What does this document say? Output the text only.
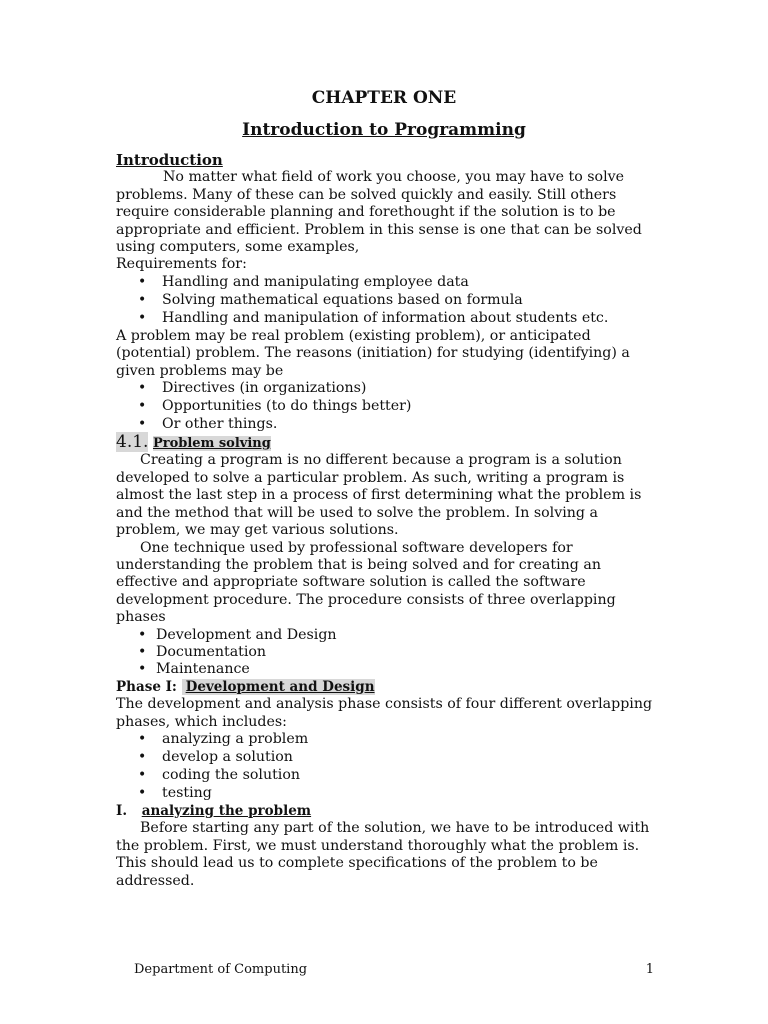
CHAPTER ONE
Introduction to Programming

Introduction

No matter what field of work you choose, you may have to solve problems. Many of these can be solved quickly and easily. Still others require considerable planning and forethought if the solution is to be appropriate and efficient. Problem in this sense is one that can be solved using computers, some examples,

Requirements for:

• Handling and manipulating employee data
• Solving mathematical equations based on formula
• Handling and manipulation of information about students etc.

A problem may be real problem (existing problem), or anticipated (potential) problem. The reasons (initiation) for studying (identifying) a given problems may be

• Directives (in organizations)
• Opportunities (to do things better)
• Or other things.

4.1. Problem solving

Creating a program is no different because a program is a solution developed to solve a particular problem. As such, writing a program is almost the last step in a process of first determining what the problem is and the method that will be used to solve the problem. In solving a problem, we may get various solutions.

One technique used by professional software developers for understanding the problem that is being solved and for creating an effective and appropriate software solution is called the software development procedure. The procedure consists of three overlapping phases

• Development and Design
• Documentation
• Maintenance

Phase I: Development and Design

The development and analysis phase consists of four different overlapping phases, which includes:

• analyzing a problem
• develop a solution
• coding the solution
• testing

I. analyzing the problem

Before starting any part of the solution, we have to be introduced with the problem. First, we must understand thoroughly what the problem is. This should lead us to complete specifications of the problem to be addressed.

Department of Computing	1
